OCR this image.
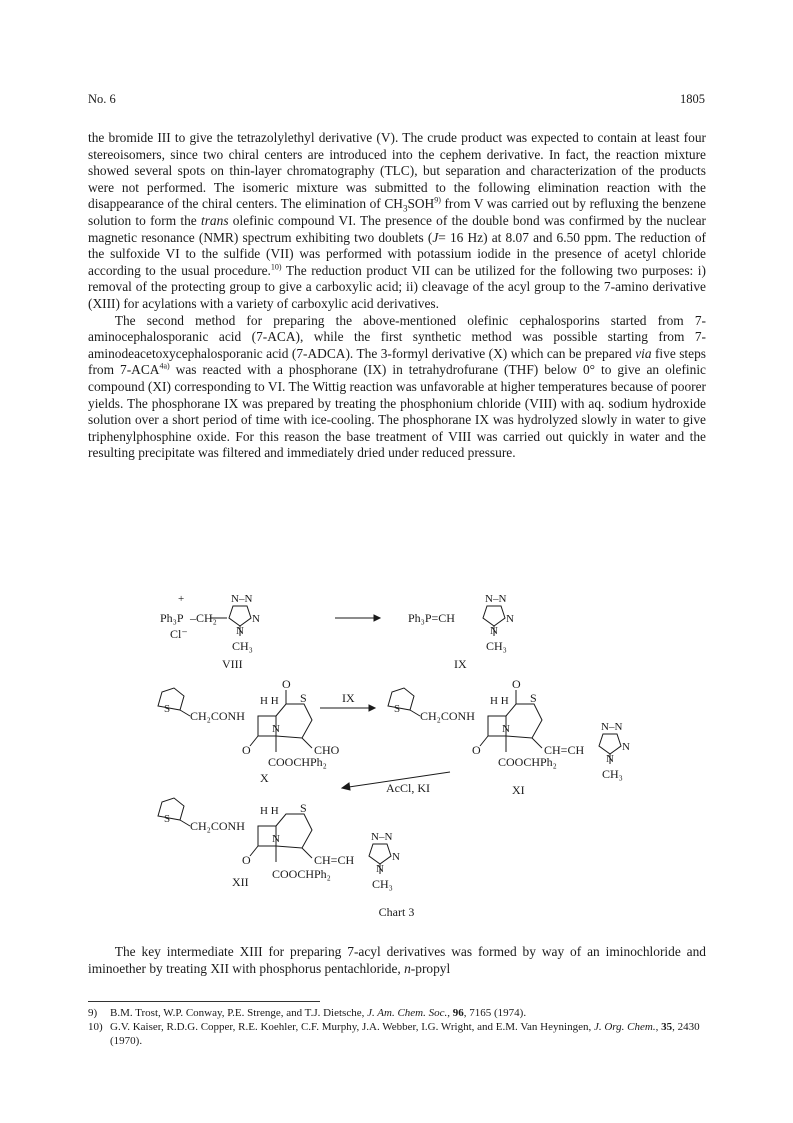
No. 6	1805

the bromide III to give the tetrazolylethyl derivative (V). The crude product was expected to contain at least four stereoisomers, since two chiral centers are introduced into the cephem derivative. In fact, the reaction mixture showed several spots on thin-layer chromatography (TLC), but separation and characterization of the products were not performed. The isomeric mixture was submitted to the following elimination reaction with the disappearance of the chiral centers. The elimination of $CH_3SOH^{9)}$ from V was carried out by refluxing the benzene solution to form the trans olefinic compound VI. The presence of the double bond was confirmed by the nuclear magnetic resonance (NMR) spectrum exhibiting two doublets (J= 16 Hz) at 8.07 and 6.50 ppm. The reduction of the sulfoxide VI to the sulfide (VII) was performed with potassium iodide in the presence of acetyl chloride according to the usual procedure.$^{10)}$ The reduction product VII can be utilized for the following two purposes: i) removal of the protecting group to give a carboxylic acid; ii) cleavage of the acyl group to the 7-amino derivative (XIII) for acylations with a variety of carboxylic acid derivatives.

The second method for preparing the above-mentioned olefinic cephalosporins started from 7-aminocephalosporanic acid (7-ACA), while the first synthetic method was possible starting from 7-aminodeacetoxycephalosporanic acid (7-ADCA). The 3-formyl derivative (X) which can be prepared via five steps from $7-ACA^{4a)}$ was reacted with a phosphorane (IX) in tetrahydrofurane (THF) below 0° to give an olefinic compound (XI) corresponding to VI. The Wittig reaction was unfavorable at higher temperatures because of poorer yields. The phosphorane IX was prepared by treating the phosphonium chloride (VIII) with aq. sodium hydroxide solution over a short period of time with ice-cooling. The phosphorane IX was hydrolyzed slowly in water to give triphenylphosphine oxide. For this reason the base treatment of VIII was carried out quickly in water and the resulting precipitate was filtered and immediately dried under reduced pressure.

+
Ph₃P –CH₂
Cl⁻
N–N
N
N
CH₃
VIII
Ph₃P=CH
N–N
N
N
CH₃
IX
O
H H S
S CH₂CONH
N
O	CHO
COOCHPh₂
X
IX
O
H H S
S CH₂CONH
N
O	CH=CH
N–N
N
N
COOCHPh₂
CH₃
XI
AcCl, KI
H H S
S CH₂CONH
N
O	CH=CH
N–N
N
N
COOCHPh₂
CH₃
XII
Chart 3

The key intermediate XIII for preparing 7-acyl derivatives was formed by way of an iminochloride and iminoether by treating XII with phosphorus pentachloride, n-propyl

9) B.M. Trost, W.P. Conway, P.E. Strenge, and T.J. Dietsche, J. Am. Chem. Soc., 96, 7165 (1974).
10) G.V. Kaiser, R.D.G. Copper, R.E. Koehler, C.F. Murphy, J.A. Webber, I.G. Wright, and E.M. Van Heyningen, J. Org. Chem., 35, 2430 (1970).
